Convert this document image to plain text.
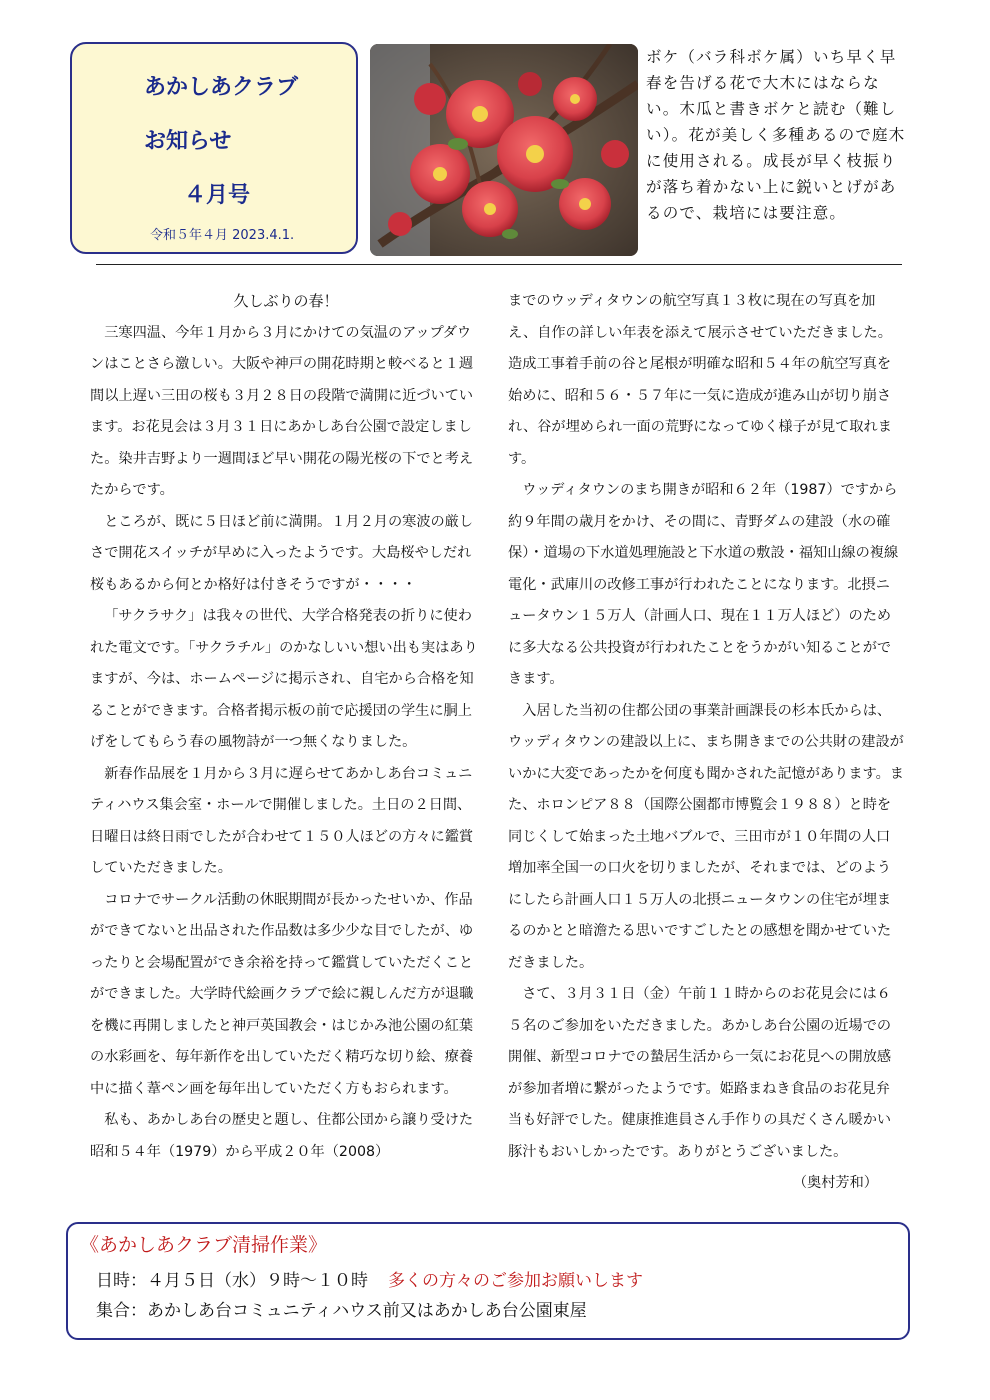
あかしあクラブ
お知らせ
４月号
令和５年４月 2023.4.1.
ボケ（バラ科ボケ属）いち早く早春を告げる花で大木にはならない。木瓜と書きボケと読む（難しい）。花が美しく多種あるので庭木に使用される。成長が早く枝振りが落ち着かない上に鋭いとげがあるので、栽培には要注意。

久しぶりの春！

三寒四温、今年１月から３月にかけての気温のアップダウンはことさら激しい。大阪や神戸の開花時期と較べると１週間以上遅い三田の桜も３月２８日の段階で満開に近づいています。お花見会は３月３１日にあかしあ台公園で設定しました。染井吉野より一週間ほど早い開花の陽光桜の下でと考えたからです。

ところが、既に５日ほど前に満開。１月２月の寒波の厳しさで開花スイッチが早めに入ったようです。大島桜やしだれ桜もあるから何とか格好は付きそうですが・・・・

「サクラサク」は我々の世代、大学合格発表の折りに使われた電文です。「サクラチル」のかなしいい想い出も実はありますが、今は、ホームページに掲示され、自宅から合格を知ることができます。合格者掲示板の前で応援団の学生に胴上げをしてもらう春の風物詩が一つ無くなりました。

新春作品展を１月から３月に遅らせてあかしあ台コミュニティハウス集会室・ホールで開催しました。土日の２日間、日曜日は終日雨でしたが合わせて１５０人ほどの方々に鑑賞していただきました。

コロナでサークル活動の休眠期間が長かったせいか、作品ができてないと出品された作品数は多少少な目でしたが、ゆったりと会場配置ができ余裕を持って鑑賞していただくことができました。大学時代絵画クラブで絵に親しんだ方が退職を機に再開しましたと神戸英国教会・はじかみ池公園の紅葉の水彩画を、毎年新作を出していただく精巧な切り絵、療養中に描く葦ペン画を毎年出していただく方もおられます。

私も、あかしあ台の歴史と題し、住都公団から譲り受けた昭和５４年（1979）から平成２０年（2008）

までのウッディタウンの航空写真１３枚に現在の写真を加え、自作の詳しい年表を添えて展示させていただきました。造成工事着手前の谷と尾根が明確な昭和５４年の航空写真を始めに、昭和５６・５７年に一気に造成が進み山が切り崩され、谷が埋められ一面の荒野になってゆく様子が見て取れます。

ウッディタウンのまち開きが昭和６２年（1987）ですから約９年間の歳月をかけ、その間に、青野ダムの建設（水の確保）・道場の下水道処理施設と下水道の敷設・福知山線の複線電化・武庫川の改修工事が行われたことになります。北摂ニュータウン１５万人（計画人口、現在１１万人ほど）のために多大なる公共投資が行われたことをうかがい知ることができます。

入居した当初の住都公団の事業計画課長の杉本氏からは、ウッディタウンの建設以上に、まち開きまでの公共財の建設がいかに大変であったかを何度も聞かされた記憶があります。また、ホロンピア８８（国際公園都市博覧会１９８８）と時を同じくして始まった土地バブルで、三田市が１０年間の人口増加率全国一の口火を切りましたが、それまでは、どのようにしたら計画人口１５万人の北摂ニュータウンの住宅が埋まるのかとと暗澹たる思いですごしたとの感想を聞かせていただきました。

さて、３月３１日（金）午前１１時からのお花見会には６５名のご参加をいただきました。あかしあ台公園の近場での開催、新型コロナでの蟄居生活から一気にお花見への開放感が参加者増に繋がったようです。姫路まねき食品のお花見弁当も好評でした。健康推進員さん手作りの具だくさん暖かい豚汁もおいしかったです。ありがとうございました。

（奥村芳和）

《あかしあクラブ清掃作業》
日時：４月５日（水）９時～１０時 多くの方々のご参加お願いします
集合：あかしあ台コミュニティハウス前又はあかしあ台公園東屋
